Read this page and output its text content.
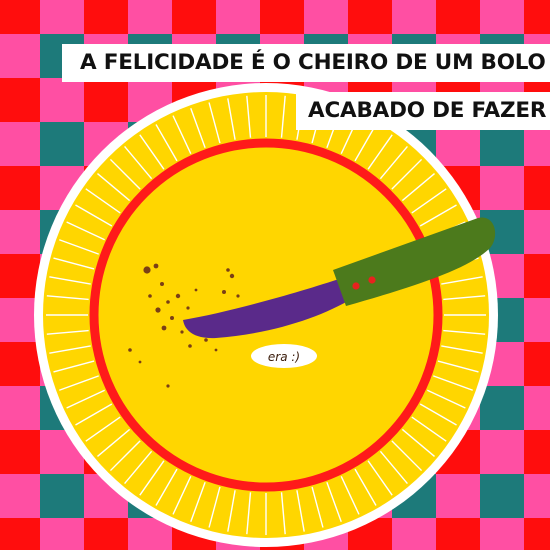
era :)
A FELICIDADE É O CHEIRO DE UM BOLO
ACABADO DE FAZER
